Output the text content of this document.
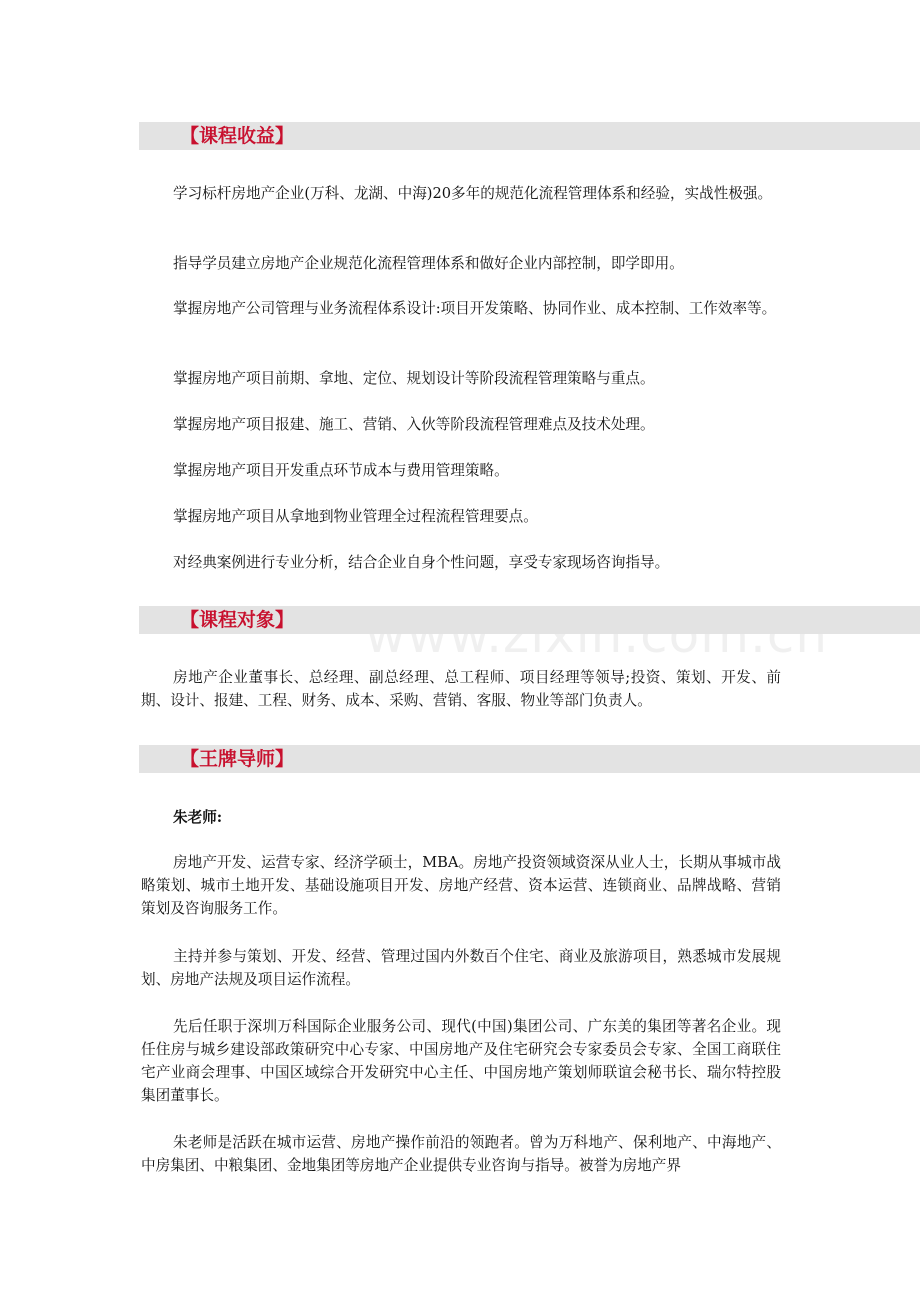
www.zixin.com.cn
【课程收益】

学习标杆房地产企业(万科、龙湖、中海)20多年的规范化流程管理体系和经验，实战性极强。

指导学员建立房地产企业规范化流程管理体系和做好企业内部控制，即学即用。

掌握房地产公司管理与业务流程体系设计:项目开发策略、协同作业、成本控制、工作效率等。

掌握房地产项目前期、拿地、定位、规划设计等阶段流程管理策略与重点。

掌握房地产项目报建、施工、营销、入伙等阶段流程管理难点及技术处理。

掌握房地产项目开发重点环节成本与费用管理策略。

掌握房地产项目从拿地到物业管理全过程流程管理要点。

对经典案例进行专业分析，结合企业自身个性问题，享受专家现场咨询指导。

【课程对象】

房地产企业董事长、总经理、副总经理、总工程师、项目经理等领导;投资、策划、开发、前期、设计、报建、工程、财务、成本、采购、营销、客服、物业等部门负责人。

【王牌导师】

朱老师:

房地产开发、运营专家、经济学硕士，MBA。房地产投资领域资深从业人士，长期从事城市战略策划、城市土地开发、基础设施项目开发、房地产经营、资本运营、连锁商业、品牌战略、营销策划及咨询服务工作。

主持并参与策划、开发、经营、管理过国内外数百个住宅、商业及旅游项目，熟悉城市发展规划、房地产法规及项目运作流程。

先后任职于深圳万科国际企业服务公司、现代(中国)集团公司、广东美的集团等著名企业。现任住房与城乡建设部政策研究中心专家、中国房地产及住宅研究会专家委员会专家、全国工商联住宅产业商会理事、中国区域综合开发研究中心主任、中国房地产策划师联谊会秘书长、瑞尔特控股集团董事长。

朱老师是活跃在城市运营、房地产操作前沿的领跑者。曾为万科地产、保利地产、中海地产、中房集团、中粮集团、金地集团等房地产企业提供专业咨询与指导。被誉为房地产界
